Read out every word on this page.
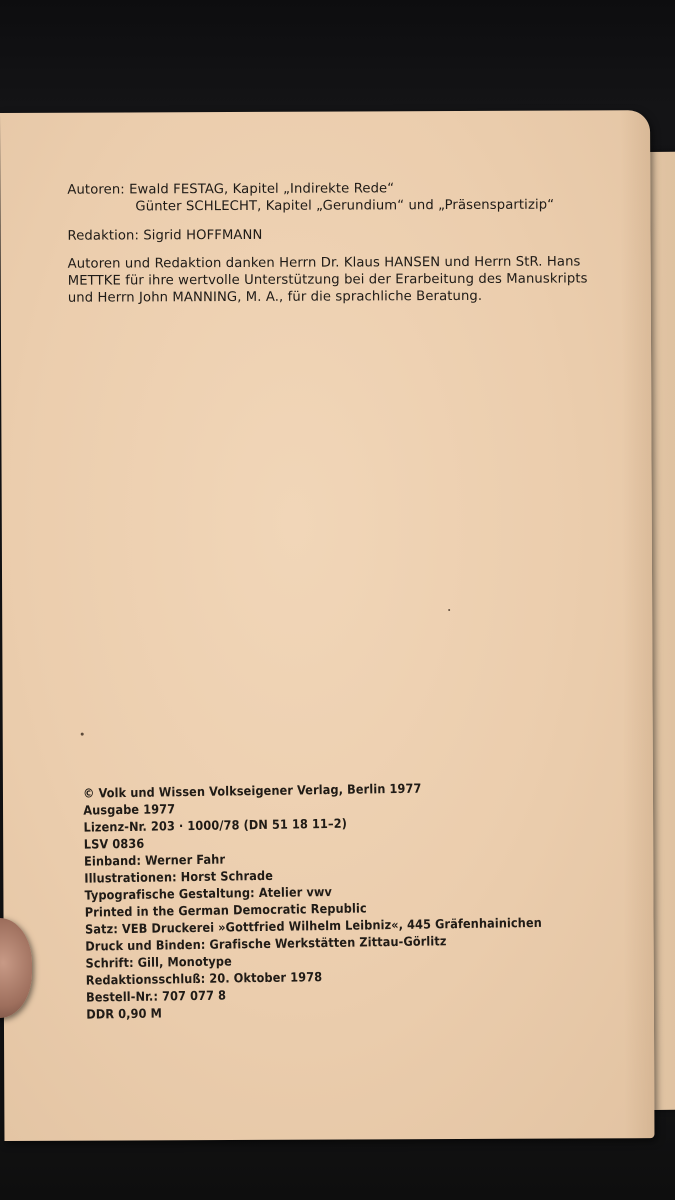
Autoren: Ewald FESTAG, Kapitel „Indirekte Rede“
Günter SCHLECHT, Kapitel „Gerundium“ und „Präsenspartizip“
Redaktion: Sigrid HOFFMANN
Autoren und Redaktion danken Herrn Dr. Klaus HANSEN und Herrn StR. Hans
METTKE für ihre wertvolle Unterstützung bei der Erarbeitung des Manuskripts
und Herrn John MANNING, M. A., für die sprachliche Beratung.
© Volk und Wissen Volkseigener Verlag, Berlin 1977
Ausgabe 1977
Lizenz-Nr. 203 · 1000/78 (DN 51 18 11–2)
LSV 0836
Einband: Werner Fahr
Illustrationen: Horst Schrade
Typografische Gestaltung: Atelier vwv
Printed in the German Democratic Republic
Satz: VEB Druckerei »Gottfried Wilhelm Leibniz«, 445 Gräfenhainichen
Druck und Binden: Grafische Werkstätten Zittau-Görlitz
Schrift: Gill, Monotype
Redaktionsschluß: 20. Oktober 1978
Bestell-Nr.: 707 077 8
DDR 0,90 M
